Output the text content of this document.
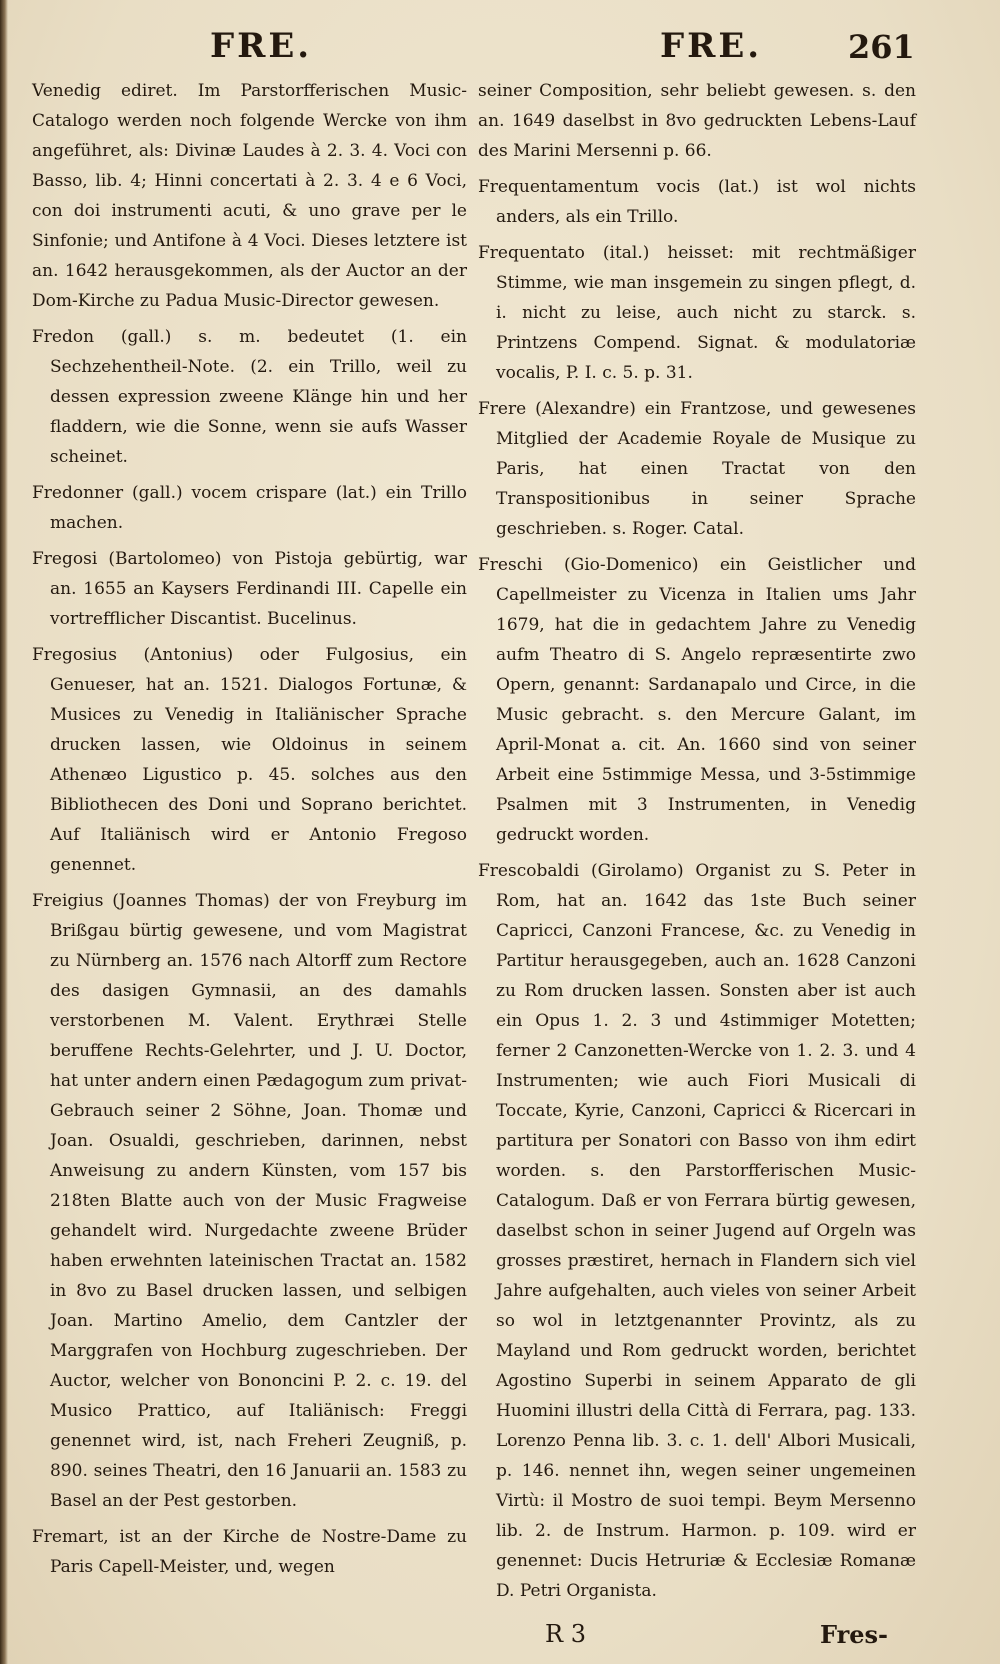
FRE.	FRE.	261

Venedig ediret. Im Parstorfferischen Music-Catalogo werden noch folgende Wercke von ihm angeführet, als: Divinæ Laudes à 2. 3. 4. Voci con Basso, lib. 4; Hinni concertati à 2. 3. 4 e 6 Voci, con doi instrumenti acuti, & uno grave per le Sinfonie; und Antifone à 4 Voci. Dieses letztere ist an. 1642 herausgekommen, als der Auctor an der Dom-Kirche zu Padua Music-Director gewesen.

Fredon (gall.) s. m. bedeutet (1. ein Sechzehentheil-Note. (2. ein Trillo, weil zu dessen expression zweene Klänge hin und her fladdern, wie die Sonne, wenn sie aufs Wasser scheinet.

Fredonner (gall.) vocem crispare (lat.) ein Trillo machen.

Fregosi (Bartolomeo) von Pistoja gebürtig, war an. 1655 an Kaysers Ferdinandi III. Capelle ein vortrefflicher Discantist. Bucelinus.

Fregosius (Antonius) oder Fulgosius, ein Genueser, hat an. 1521. Dialogos Fortunæ, & Musices zu Venedig in Italiänischer Sprache drucken lassen, wie Oldoinus in seinem Athenæo Ligustico p. 45. solches aus den Bibliothecen des Doni und Soprano berichtet. Auf Italiänisch wird er Antonio Fregoso genennet.

Freigius (Joannes Thomas) der von Freyburg im Brißgau bürtig gewesene, und vom Magistrat zu Nürnberg an. 1576 nach Altorff zum Rectore des dasigen Gymnasii, an des damahls verstorbenen M. Valent. Erythræi Stelle beruffene Rechts-Gelehrter, und J. U. Doctor, hat unter andern einen Pædagogum zum privat-Gebrauch seiner 2 Söhne, Joan. Thomæ und Joan. Osualdi, geschrieben, darinnen, nebst Anweisung zu andern Künsten, vom 157 bis 218ten Blatte auch von der Music Fragweise gehandelt wird. Nurgedachte zweene Brüder haben erwehnten lateinischen Tractat an. 1582 in 8vo zu Basel drucken lassen, und selbigen Joan. Martino Amelio, dem Cantzler der Marggrafen von Hochburg zugeschrieben. Der Auctor, welcher von Bononcini P. 2. c. 19. del Musico Prattico, auf Italiänisch: Freggi genennet wird, ist, nach Freheri Zeugniß, p. 890. seines Theatri, den 16 Januarii an. 1583 zu Basel an der Pest gestorben.

Fremart, ist an der Kirche de Nostre-Dame zu Paris Capell-Meister, und, wegen

seiner Composition, sehr beliebt gewesen. s. den an. 1649 daselbst in 8vo gedruckten Lebens-Lauf des Marini Mersenni p. 66.

Frequentamentum vocis (lat.) ist wol nichts anders, als ein Trillo.

Frequentato (ital.) heisset: mit rechtmäßiger Stimme, wie man insgemein zu singen pflegt, d. i. nicht zu leise, auch nicht zu starck. s. Printzens Compend. Signat. & modulatoriæ vocalis, P. I. c. 5. p. 31.

Frere (Alexandre) ein Frantzose, und gewesenes Mitglied der Academie Royale de Musique zu Paris, hat einen Tractat von den Transpositionibus in seiner Sprache geschrieben. s. Roger. Catal.

Freschi (Gio-Domenico) ein Geistlicher und Capellmeister zu Vicenza in Italien ums Jahr 1679, hat die in gedachtem Jahre zu Venedig aufm Theatro di S. Angelo repræsentirte zwo Opern, genannt: Sardanapalo und Circe, in die Music gebracht. s. den Mercure Galant, im April-Monat a. cit. An. 1660 sind von seiner Arbeit eine 5stimmige Messa, und 3-5stimmige Psalmen mit 3 Instrumenten, in Venedig gedruckt worden.

Frescobaldi (Girolamo) Organist zu S. Peter in Rom, hat an. 1642 das 1ste Buch seiner Capricci, Canzoni Francese, &c. zu Venedig in Partitur herausgegeben, auch an. 1628 Canzoni zu Rom drucken lassen. Sonsten aber ist auch ein Opus 1. 2. 3 und 4stimmiger Motetten; ferner 2 Canzonetten-Wercke von 1. 2. 3. und 4 Instrumenten; wie auch Fiori Musicali di Toccate, Kyrie, Canzoni, Capricci & Ricercari in partitura per Sonatori con Basso von ihm edirt worden. s. den Parstorfferischen Music-Catalogum. Daß er von Ferrara bürtig gewesen, daselbst schon in seiner Jugend auf Orgeln was grosses præstiret, hernach in Flandern sich viel Jahre aufgehalten, auch vieles von seiner Arbeit so wol in letztgenannter Provintz, als zu Mayland und Rom gedruckt worden, berichtet Agostino Superbi in seinem Apparato de gli Huomini illustri della Città di Ferrara, pag. 133. Lorenzo Penna lib. 3. c. 1. dell' Albori Musicali, p. 146. nennet ihn, wegen seiner ungemeinen Virtù: il Mostro de suoi tempi. Beym Mersenno lib. 2. de Instrum. Harmon. p. 109. wird er genennet: Ducis Hetruriæ & Ecclesiæ Romanæ D. Petri Organista.

R 3	Fres-
